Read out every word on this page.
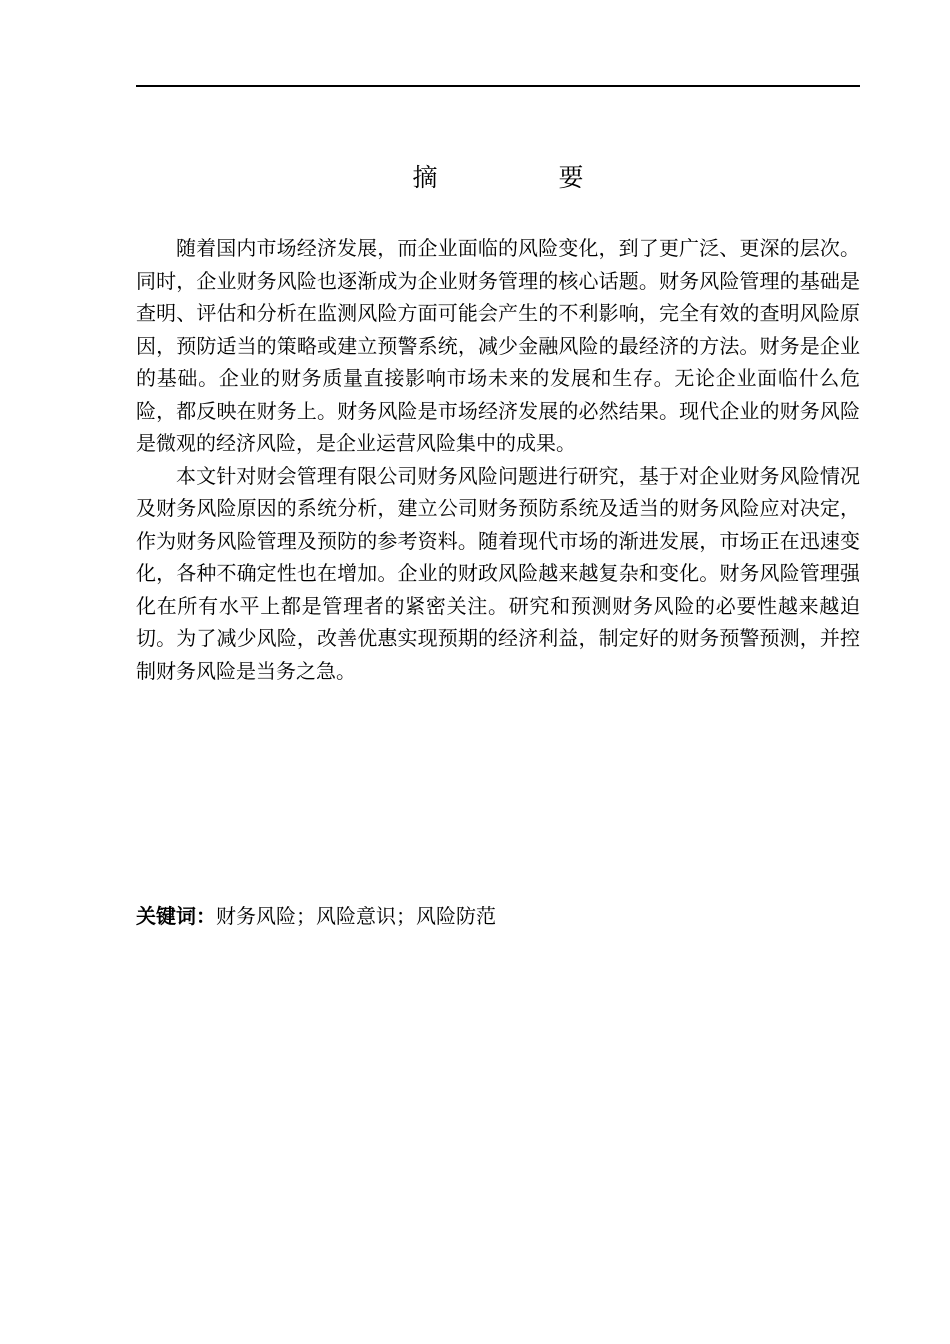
摘　要

随着国内市场经济发展，而企业面临的风险变化，到了更广泛、更深的层次。同时，企业财务风险也逐渐成为企业财务管理的核心话题。财务风险管理的基础是查明、评估和分析在监测风险方面可能会产生的不利影响，完全有效的查明风险原因，预防适当的策略或建立预警系统，减少金融风险的最经济的方法。财务是企业的基础。企业的财务质量直接影响市场未来的发展和生存。无论企业面临什么危险，都反映在财务上。财务风险是市场经济发展的必然结果。现代企业的财务风险是微观的经济风险，是企业运营风险集中的成果。

本文针对财会管理有限公司财务风险问题进行研究，基于对企业财务风险情况及财务风险原因的系统分析，建立公司财务预防系统及适当的财务风险应对决定，作为财务风险管理及预防的参考资料。随着现代市场的渐进发展，市场正在迅速变化，各种不确定性也在增加。企业的财政风险越来越复杂和变化。财务风险管理强化在所有水平上都是管理者的紧密关注。研究和预测财务风险的必要性越来越迫切。为了减少风险，改善优惠实现预期的经济利益，制定好的财务预警预测，并控制财务风险是当务之急。

关键词：财务风险；风险意识；风险防范
